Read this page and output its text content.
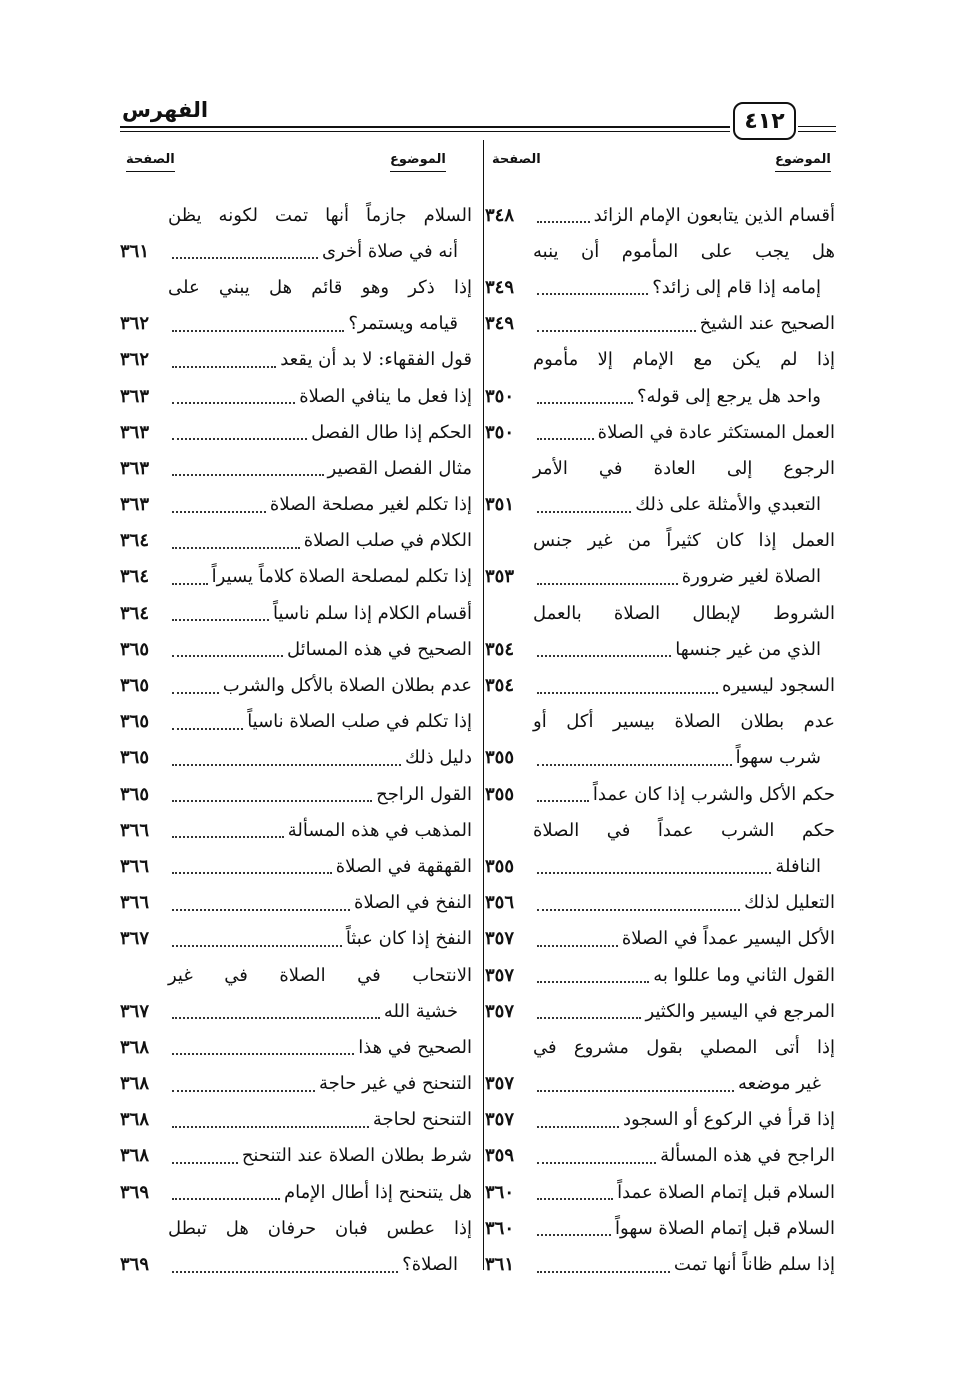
الفهرس	٤١٢
الموضوع
الصفحة
الموضوع
الصفحة
أقسام الذين يتابعون الإمام الزائد
٣٤٨
هل يجب على المأموم أن ينبه
إمامه إذا قام إلى زائد؟
٣٤٩
الصحيح عند الشيخ
٣٤٩
إذا لم يكن مع الإمام إلا مأموم
واحد هل يرجع إلى قوله؟
٣٥٠
العمل المستكثر عادة في الصلاة
٣٥٠
الرجوع إلى العادة في الأمر
التعبدي والأمثلة على ذلك
٣٥١
العمل إذا كان كثيراً من غير جنس
الصلاة لغير ضرورة
٣٥٣
الشروط لإبطال الصلاة بالعمل
الذي من غير جنسها
٣٥٤
السجود ليسيره
٣٥٤
عدم بطلان الصلاة بيسير أكل أو
شرب سهواً
٣٥٥
حكم الأكل والشرب إذا كان عمداً
٣٥٥
حكم الشرب عمداً في الصلاة
النافلة
٣٥٥
التعليل لذلك
٣٥٦
الأكل اليسير عمداً في الصلاة
٣٥٧
القول الثاني وما عللوا به
٣٥٧
المرجع في اليسير والكثير
٣٥٧
إذا أتى المصلي بقول مشروع في
غير موضعه
٣٥٧
إذا قرأ في الركوع أو السجود
٣٥٧
الراجح في هذه المسألة
٣٥٩
السلام قبل إتمام الصلاة عمداً
٣٦٠
السلام قبل إتمام الصلاة سهواً
٣٦٠
إذا سلم ظاناً أنها تمت
٣٦١
السلام جازماً أنها تمت لكونه يظن
أنه في صلاة أخرى
٣٦١
إذا ذكر وهو قائم هل يبني على
قيامه ويستمر؟
٣٦٢
قول الفقهاء: لا بد أن يقعد
٣٦٢
إذا فعل ما ينافي الصلاة
٣٦٣
الحكم إذا طال الفصل
٣٦٣
مثال الفصل القصير
٣٦٣
إذا تكلم لغير مصلحة الصلاة
٣٦٣
الكلام في صلب الصلاة
٣٦٤
إذا تكلم لمصلحة الصلاة كلاماً يسيراً
٣٦٤
أقسام الكلام إذا سلم ناسياً
٣٦٤
الصحيح في هذه المسائل
٣٦٥
عدم بطلان الصلاة بالأكل والشرب
٣٦٥
إذا تكلم في صلب الصلاة ناسياً
٣٦٥
دليل ذلك
٣٦٥
القول الراجح
٣٦٥
المذهب في هذه المسألة
٣٦٦
القهقهة في الصلاة
٣٦٦
النفخ في الصلاة
٣٦٦
النفخ إذا كان عبثاً
٣٦٧
الانتحاب في الصلاة في غير
خشية الله
٣٦٧
الصحيح في هذا
٣٦٨
التنحنح في غير حاجة
٣٦٨
التنحنح لحاجة
٣٦٨
شرط بطلان الصلاة عند التنحنح
٣٦٨
هل يتنحنح إذا أطال الإمام
٣٦٩
إذا عطس فبان حرفان هل تبطل
الصلاة؟
٣٦٩
